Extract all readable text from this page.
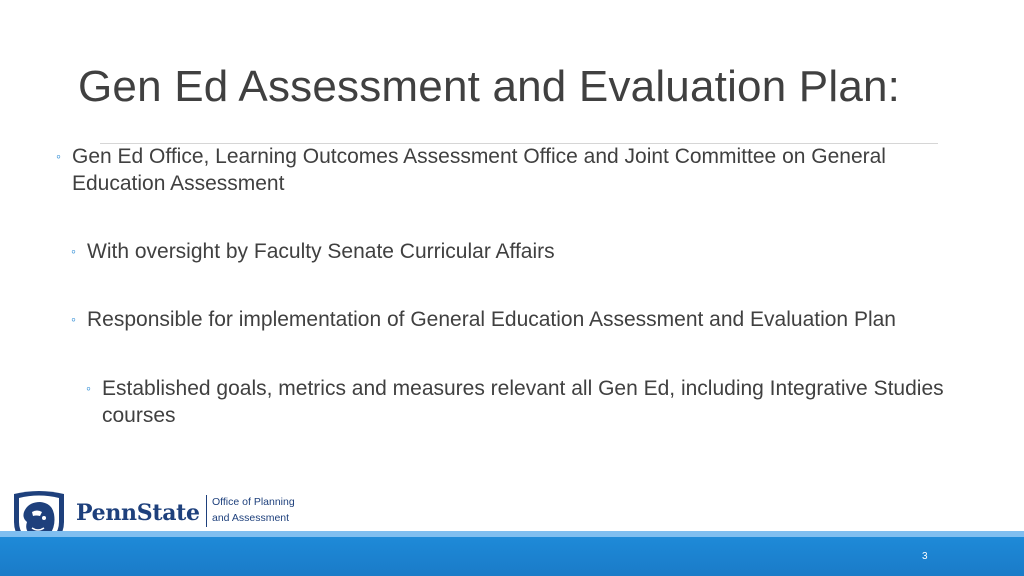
Gen Ed Assessment and Evaluation Plan:
◦ Gen Ed Office, Learning Outcomes Assessment Office and Joint Committee on General Education Assessment
◦ With oversight by Faculty Senate Curricular Affairs
◦ Responsible for implementation of General Education Assessment and Evaluation Plan
◦ Established goals, metrics and measures relevant all Gen Ed, including Integrative Studies courses
PennState Office of Planning
and Assessment
3
